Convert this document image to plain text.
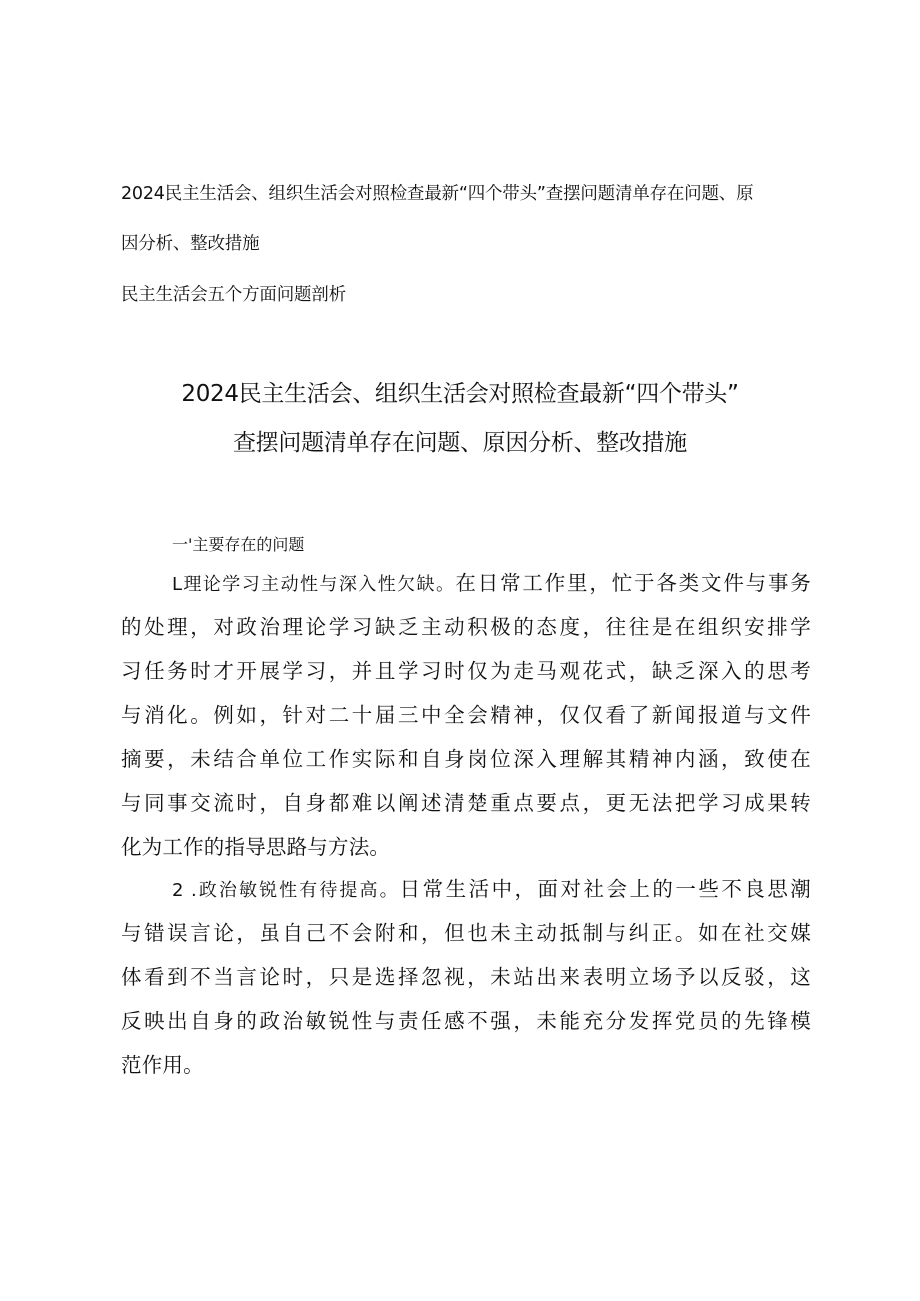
2024民主生活会、组织生活会对照检查最新“四个带头”查摆问题清单存在问题、原
因分析、整改措施
民主生活会五个方面问题剖析
2024民主生活会、组织生活会对照检查最新“四个带头”
查摆问题清单存在问题、原因分析、整改措施
一'主要存在的问题
L理论学习主动性与深入性欠缺。在日常工作里，忙于各类文件与事务
的处理，对政治理论学习缺乏主动积极的态度，往往是在组织安排学
习任务时才开展学习，并且学习时仅为走马观花式，缺乏深入的思考
与消化。例如，针对二十届三中全会精神，仅仅看了新闻报道与文件
摘要，未结合单位工作实际和自身岗位深入理解其精神内涵，致使在
与同事交流时，自身都难以阐述清楚重点要点，更无法把学习成果转
化为工作的指导思路与方法。
2 .政治敏锐性有待提高。日常生活中，面对社会上的一些不良思潮
与错误言论，虽自己不会附和，但也未主动抵制与纠正。如在社交媒
体看到不当言论时，只是选择忽视，未站出来表明立场予以反驳，这
反映出自身的政治敏锐性与责任感不强，未能充分发挥党员的先锋模
范作用。
